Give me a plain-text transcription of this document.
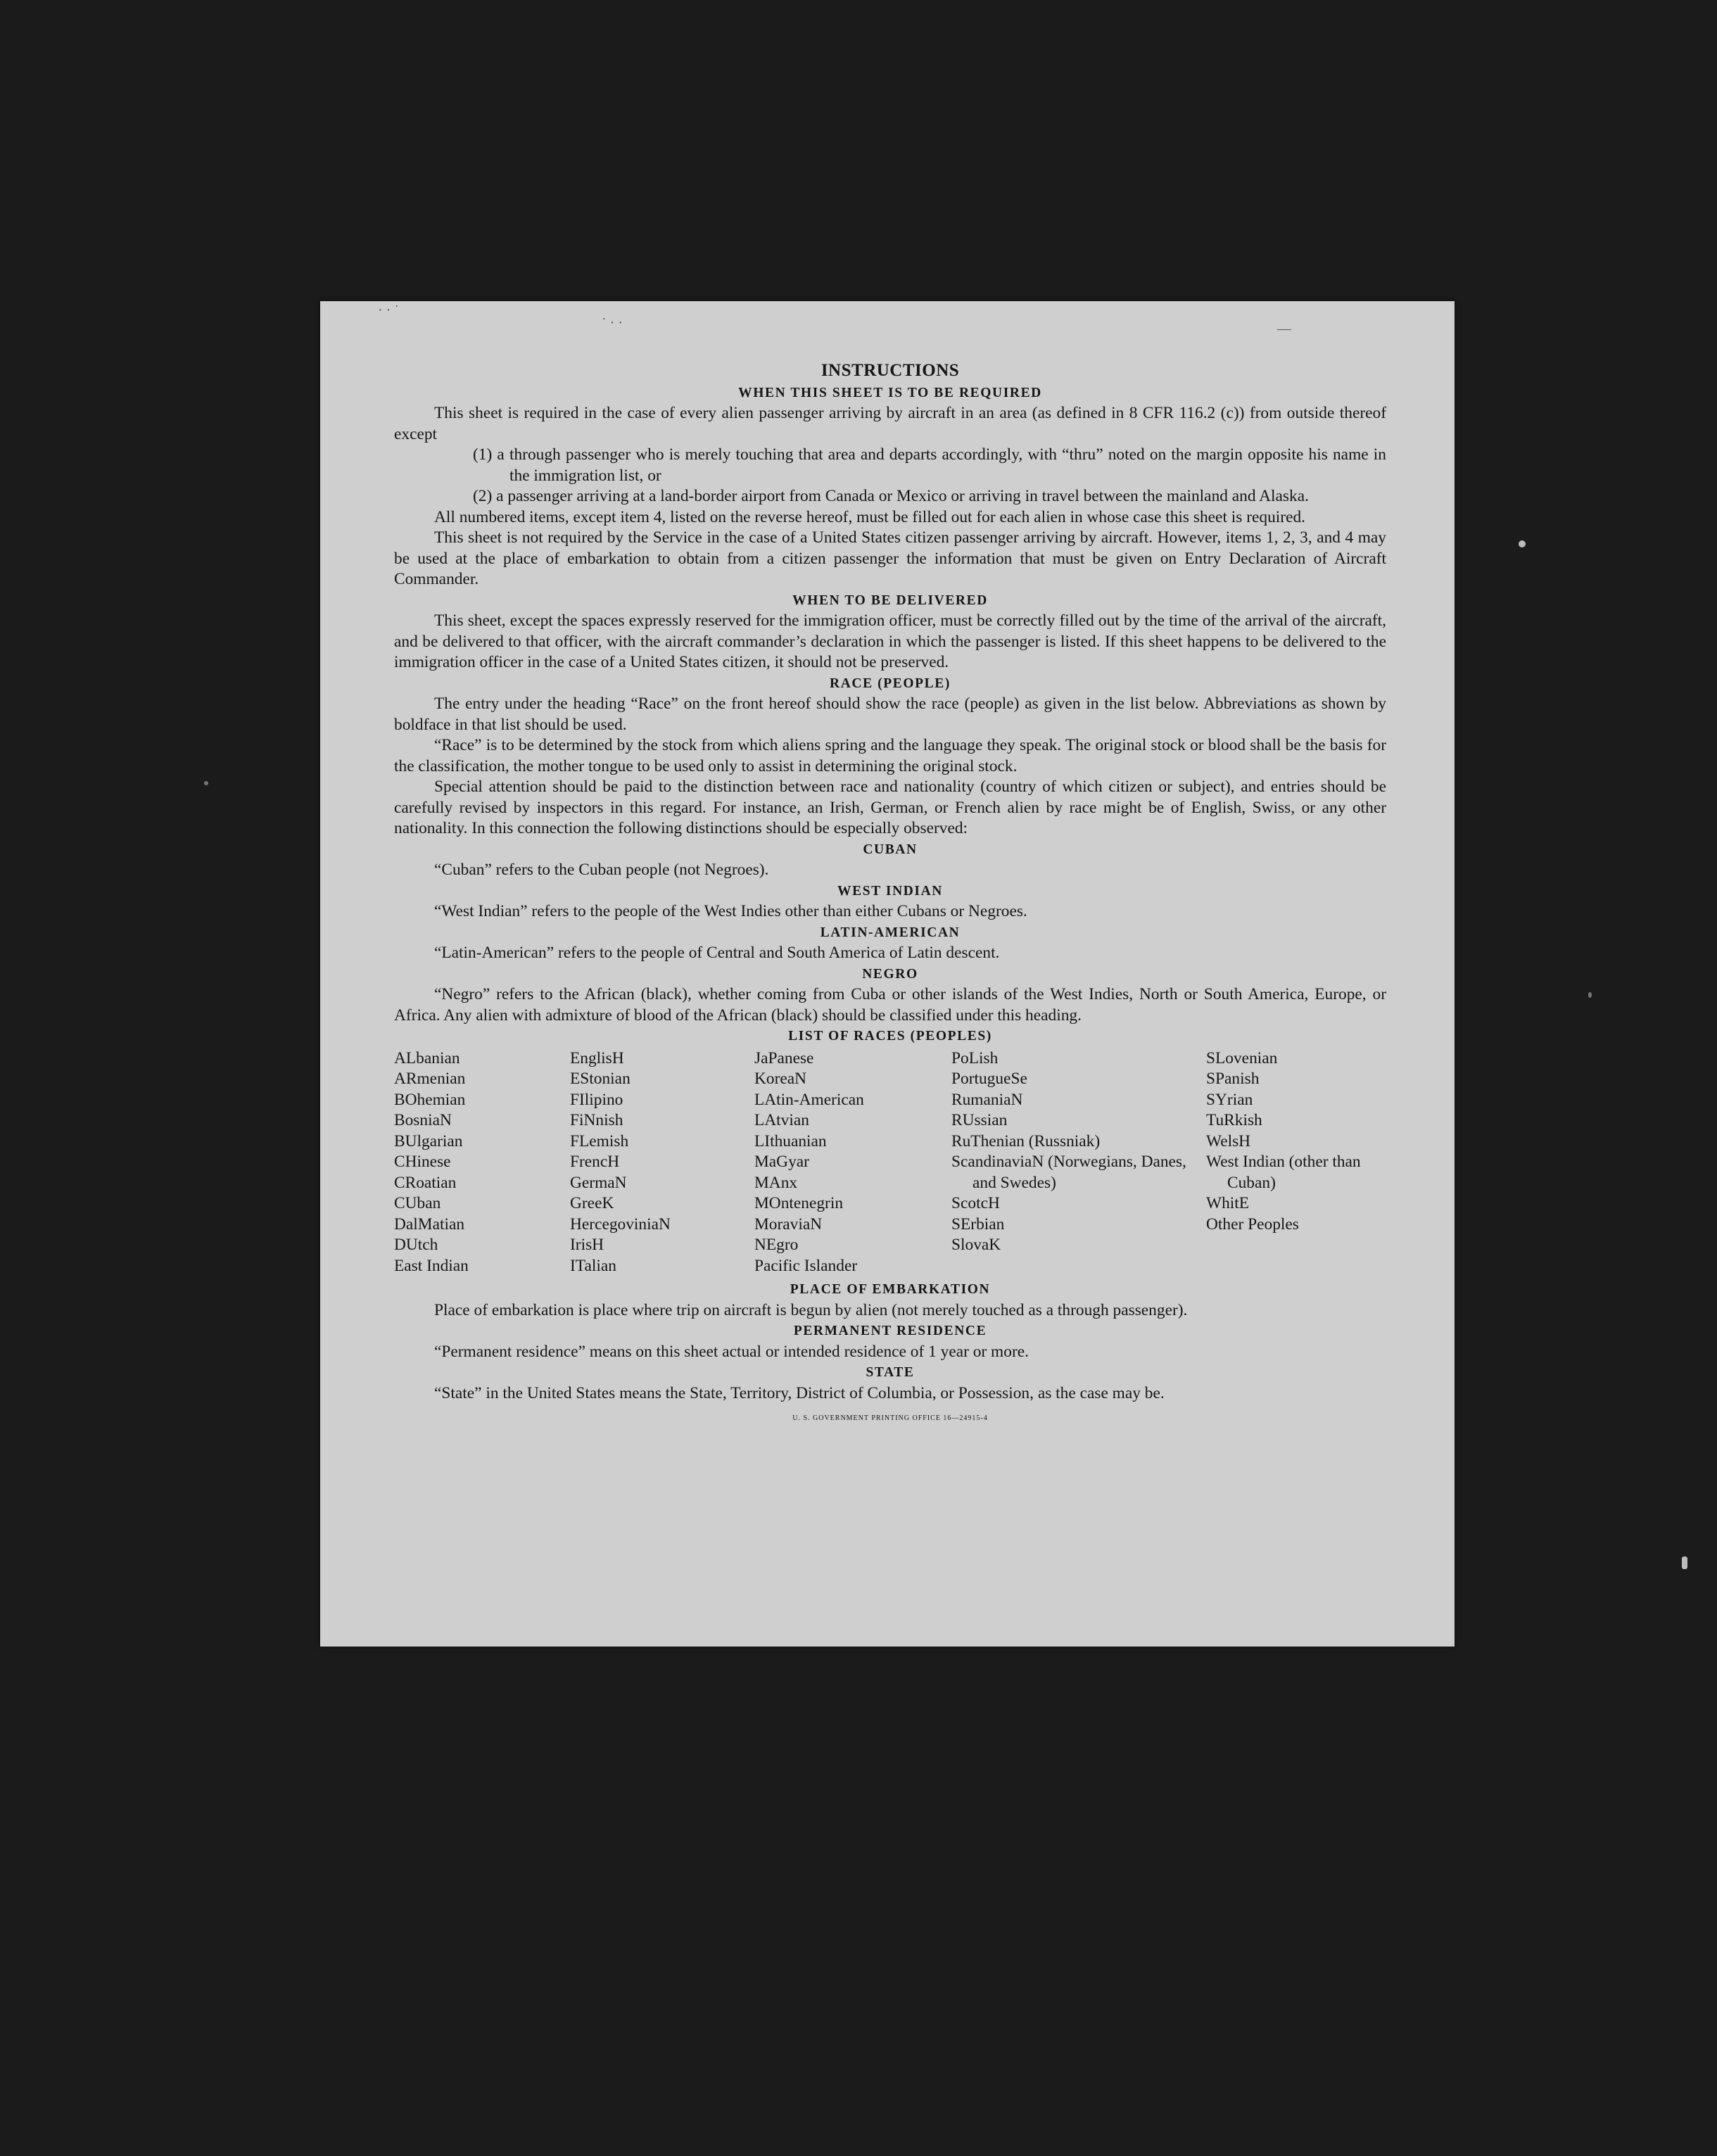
· · ˙
˙ · ·	—
INSTRUCTIONS
WHEN THIS SHEET IS TO BE REQUIRED

This sheet is required in the case of every alien passenger arriving by aircraft in an area (as defined in 8 CFR 116.2 (c)) from outside thereof except

(1) a through passenger who is merely touching that area and departs accordingly, with “thru” noted on the margin opposite his name in the immigration list, or
(2) a passenger arriving at a land-border airport from Canada or Mexico or arriving in travel between the mainland and Alaska.

All numbered items, except item 4, listed on the reverse hereof, must be filled out for each alien in whose case this sheet is required.

This sheet is not required by the Service in the case of a United States citizen passenger arriving by aircraft. However, items 1, 2, 3, and 4 may be used at the place of embarkation to obtain from a citizen passenger the information that must be given on Entry Declaration of Aircraft Commander.

WHEN TO BE DELIVERED

This sheet, except the spaces expressly reserved for the immigration officer, must be correctly filled out by the time of the arrival of the aircraft, and be delivered to that officer, with the aircraft commander’s declaration in which the passenger is listed. If this sheet happens to be delivered to the immigration officer in the case of a United States citizen, it should not be preserved.

RACE (PEOPLE)

The entry under the heading “Race” on the front hereof should show the race (people) as given in the list below. Abbreviations as shown by boldface in that list should be used.

“Race” is to be determined by the stock from which aliens spring and the language they speak. The original stock or blood shall be the basis for the classification, the mother tongue to be used only to assist in determining the original stock.

Special attention should be paid to the distinction between race and nationality (country of which citizen or subject), and entries should be carefully revised by inspectors in this regard. For instance, an Irish, German, or French alien by race might be of English, Swiss, or any other nationality. In this connection the following distinctions should be especially observed:

CUBAN

“Cuban” refers to the Cuban people (not Negroes).

WEST INDIAN

“West Indian” refers to the people of the West Indies other than either Cubans or Negroes.

LATIN-AMERICAN

“Latin-American” refers to the people of Central and South America of Latin descent.

NEGRO

“Negro” refers to the African (black), whether coming from Cuba or other islands of the West Indies, North or South America, Europe, or Africa. Any alien with admixture of blood of the African (black) should be classified under this heading.

LIST OF RACES (PEOPLES)
ALbanian
ARmenian
BOhemian
BosniaN
BUlgarian
CHinese
CRoatian
CUban
DalMatian
DUtch
East Indian
EnglisH
EStonian
FIlipino
FiNnish
FLemish
FrencH
GermaN
GreeK
HercegoviniaN
IrisH
ITalian
JaPanese
KoreaN
LAtin-American
LAtvian
LIthuanian
MaGyar
MAnx
MOntenegrin
MoraviaN
NEgro
Pacific Islander
PoLish
PortugueSe
RumaniaN
RUssian
RuThenian (Russniak)
ScandinaviaN (Norwegians, Danes, and Swedes)
ScotcH
SErbian
SlovaK
SLovenian
SPanish
SYrian
TuRkish
WelsH
West Indian (other than Cuban)
WhitE
Other Peoples
PLACE OF EMBARKATION

Place of embarkation is place where trip on aircraft is begun by alien (not merely touched as a through passenger).

PERMANENT RESIDENCE

“Permanent residence” means on this sheet actual or intended residence of 1 year or more.

STATE

“State” in the United States means the State, Territory, District of Columbia, or Possession, as the case may be.

U. S. GOVERNMENT PRINTING OFFICE 16—24915-4
